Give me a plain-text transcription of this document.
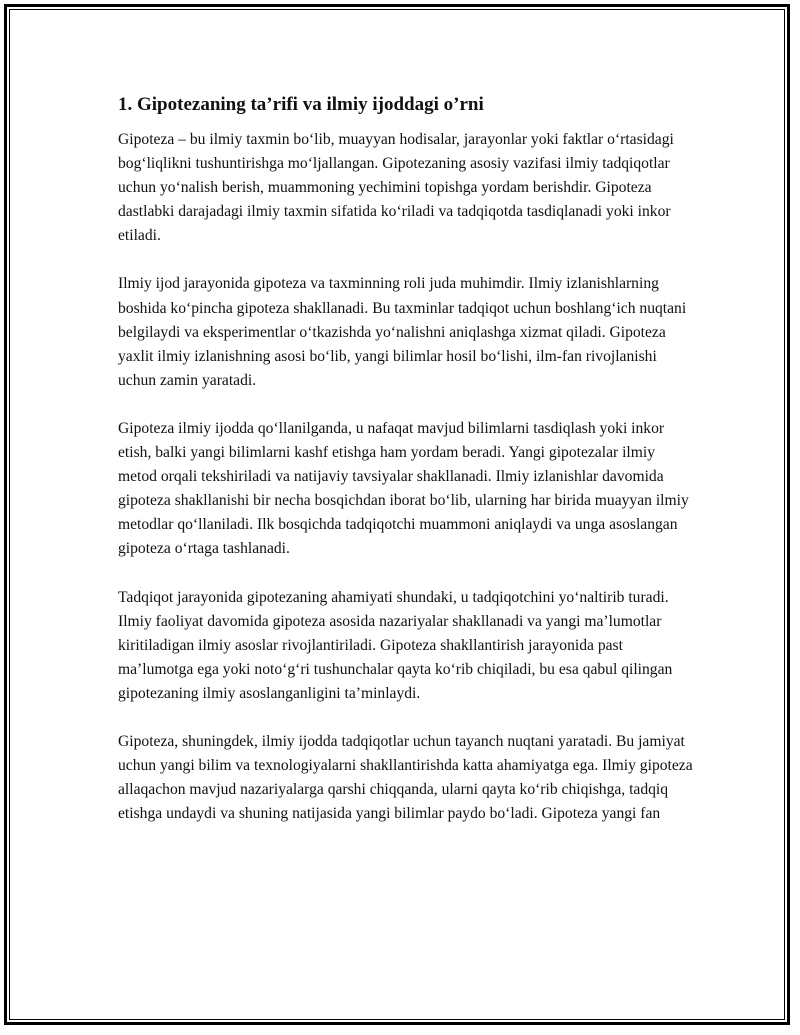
1. Gipotezaning ta’rifi va ilmiy ijoddagi o’rni

Gipoteza – bu ilmiy taxmin bo‘lib, muayyan hodisalar, jarayonlar yoki faktlar o‘rtasidagi bog‘liqlikni tushuntirishga mo‘ljallangan. Gipotezaning asosiy vazifasi ilmiy tadqiqotlar uchun yo‘nalish berish, muammoning yechimini topishga yordam berishdir. Gipoteza dastlabki darajadagi ilmiy taxmin sifatida ko‘riladi va tadqiqotda tasdiqlanadi yoki inkor etiladi.

Ilmiy ijod jarayonida gipoteza va taxminning roli juda muhimdir. Ilmiy izlanishlarning boshida ko‘pincha gipoteza shakllanadi. Bu taxminlar tadqiqot uchun boshlang‘ich nuqtani belgilaydi va eksperimentlar o‘tkazishda yo‘nalishni aniqlashga xizmat qiladi. Gipoteza yaxlit ilmiy izlanishning asosi bo‘lib, yangi bilimlar hosil bo‘lishi, ilm-fan rivojlanishi uchun zamin yaratadi.

Gipoteza ilmiy ijodda qo‘llanilganda, u nafaqat mavjud bilimlarni tasdiqlash yoki inkor etish, balki yangi bilimlarni kashf etishga ham yordam beradi. Yangi gipotezalar ilmiy metod orqali tekshiriladi va natijaviy tavsiyalar shakllanadi. Ilmiy izlanishlar davomida gipoteza shakllanishi bir necha bosqichdan iborat bo‘lib, ularning har birida muayyan ilmiy metodlar qo‘llaniladi. Ilk bosqichda tadqiqotchi muammoni aniqlaydi va unga asoslangan gipoteza o‘rtaga tashlanadi.

Tadqiqot jarayonida gipotezaning ahamiyati shundaki, u tadqiqotchini yo‘naltirib turadi. Ilmiy faoliyat davomida gipoteza asosida nazariyalar shakllanadi va yangi ma’lumotlar kiritiladigan ilmiy asoslar rivojlantiriladi. Gipoteza shakllantirish jarayonida past ma’lumotga ega yoki noto‘g‘ri tushunchalar qayta ko‘rib chiqiladi, bu esa qabul qilingan gipotezaning ilmiy asoslanganligini ta’minlaydi.

Gipoteza, shuningdek, ilmiy ijodda tadqiqotlar uchun tayanch nuqtani yaratadi. Bu jamiyat uchun yangi bilim va texnologiyalarni shakllantirishda katta ahamiyatga ega. Ilmiy gipoteza allaqachon mavjud nazariyalarga qarshi chiqqanda, ularni qayta ko‘rib chiqishga, tadqiq etishga undaydi va shuning natijasida yangi bilimlar paydo bo‘ladi. Gipoteza yangi fan
